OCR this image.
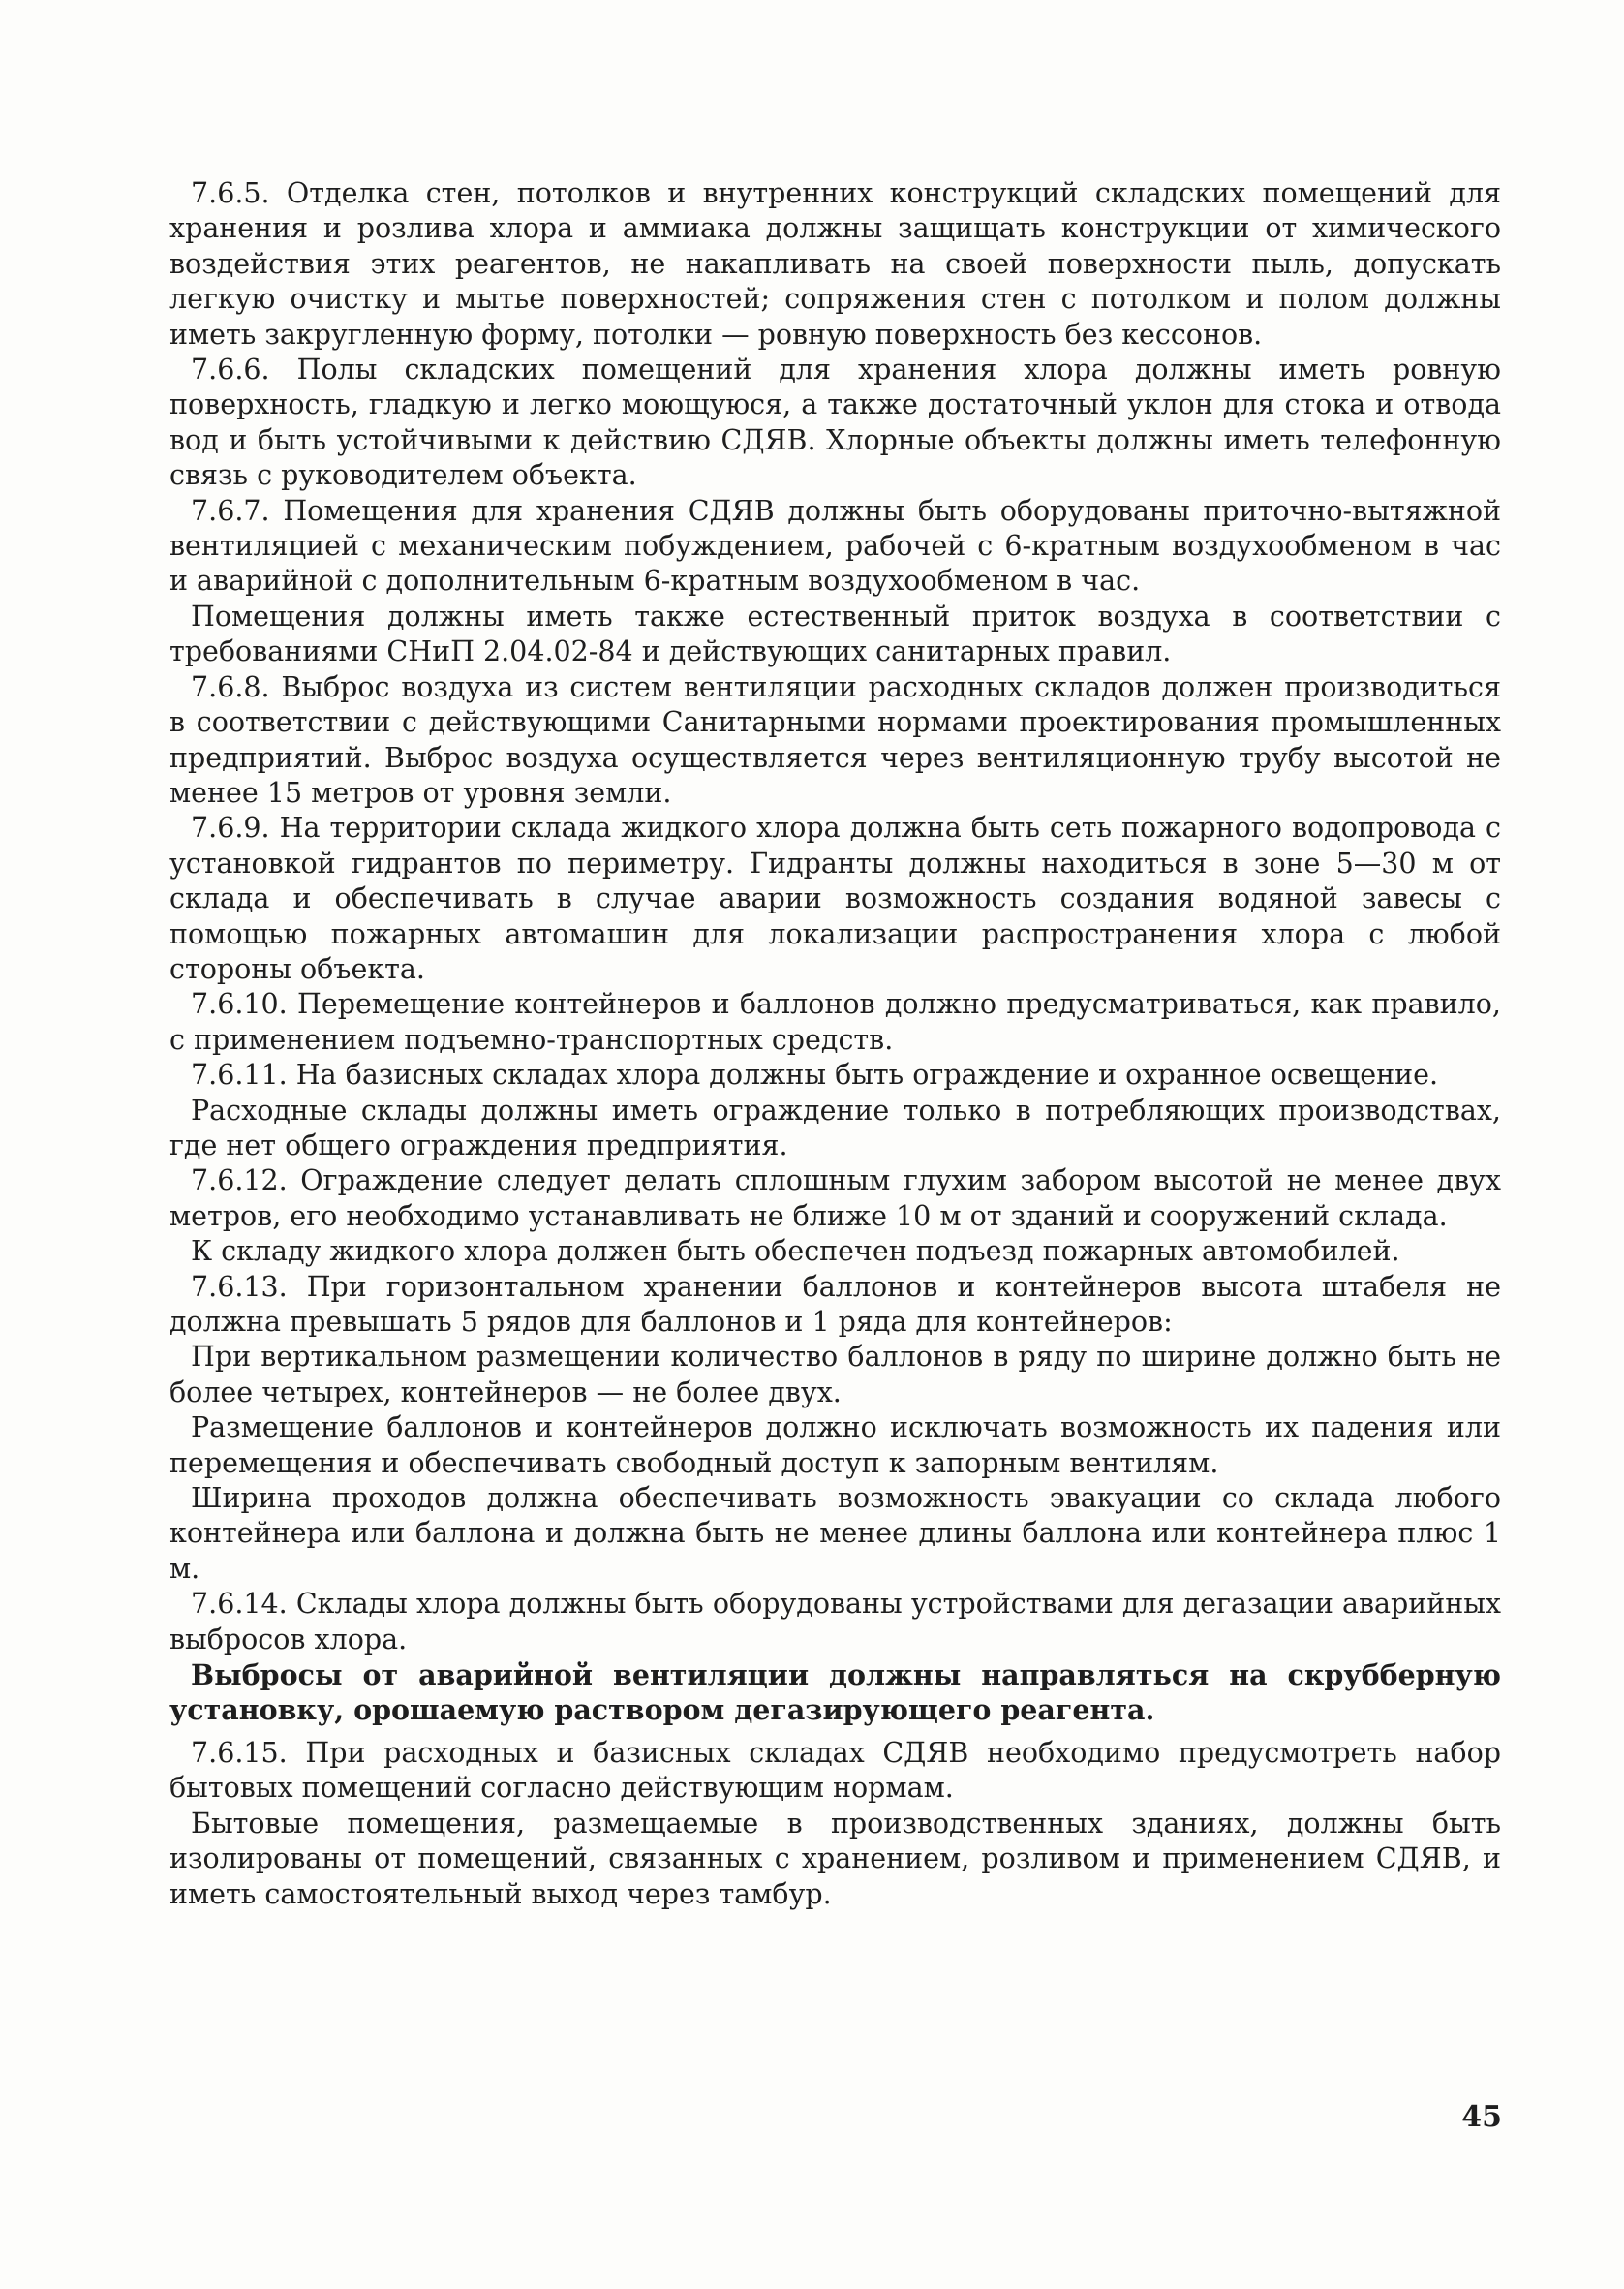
7.6.5. Отделка стен, потолков и внутренних конструкций складских помещений для хранения и розлива хлора и аммиака должны защищать конструкции от химического воздействия этих реагентов, не накапливать на своей поверхности пыль, допускать легкую очистку и мытье поверхностей; сопряжения стен с потолком и полом должны иметь закругленную форму, потолки — ровную поверхность без кессонов.

7.6.6. Полы складских помещений для хранения хлора должны иметь ровную поверхность, гладкую и легко моющуюся, а также достаточный уклон для стока и отвода вод и быть устойчивыми к действию СДЯВ. Хлорные объекты должны иметь телефонную связь с руководителем объекта.

7.6.7. Помещения для хранения СДЯВ должны быть оборудованы приточно-вытяжной вентиляцией с механическим побуждением, рабочей с 6-кратным воздухообменом в час и аварийной с дополнительным 6-кратным воздухообменом в час.

Помещения должны иметь также естественный приток воздуха в соответствии с требованиями СНиП 2.04.02-84 и действующих санитарных правил.

7.6.8. Выброс воздуха из систем вентиляции расходных складов должен производиться в соответствии с действующими Санитарными нормами проектирования промышленных предприятий. Выброс воздуха осуществляется через вентиляционную трубу высотой не менее 15 метров от уровня земли.

7.6.9. На территории склада жидкого хлора должна быть сеть пожарного водопровода с установкой гидрантов по периметру. Гидранты должны находиться в зоне 5—30 м от склада и обеспечивать в случае аварии возможность создания водяной завесы с помощью пожарных автомашин для локализации распространения хлора с любой стороны объекта.

7.6.10. Перемещение контейнеров и баллонов должно предусматриваться, как правило, с применением подъемно-транспортных средств.

7.6.11. На базисных складах хлора должны быть ограждение и охранное освещение.

Расходные склады должны иметь ограждение только в потребляющих производствах, где нет общего ограждения предприятия.

7.6.12. Ограждение следует делать сплошным глухим забором высотой не менее двух метров, его необходимо устанавливать не ближе 10 м от зданий и сооружений склада.

К складу жидкого хлора должен быть обеспечен подъезд пожарных автомобилей.

7.6.13. При горизонтальном хранении баллонов и контейнеров высота штабеля не должна превышать 5 рядов для баллонов и 1 ряда для контейнеров:

При вертикальном размещении количество баллонов в ряду по ширине должно быть не более четырех, контейнеров — не более двух.

Размещение баллонов и контейнеров должно исключать возможность их падения или перемещения и обеспечивать свободный доступ к запорным вентилям.

Ширина проходов должна обеспечивать возможность эвакуации со склада любого контейнера или баллона и должна быть не менее длины баллона или контейнера плюс 1 м.

7.6.14. Склады хлора должны быть оборудованы устройствами для дегазации аварийных выбросов хлора.

Выбросы от аварийной вентиляции должны направляться на скрубберную установку, орошаемую раствором дегазирующего реагента.

7.6.15. При расходных и базисных складах СДЯВ необходимо предусмотреть набор бытовых помещений согласно действующим нормам.

Бытовые помещения, размещаемые в производственных зданиях, должны быть изолированы от помещений, связанных с хранением, розливом и применением СДЯВ, и иметь самостоятельный выход через тамбур.

45
